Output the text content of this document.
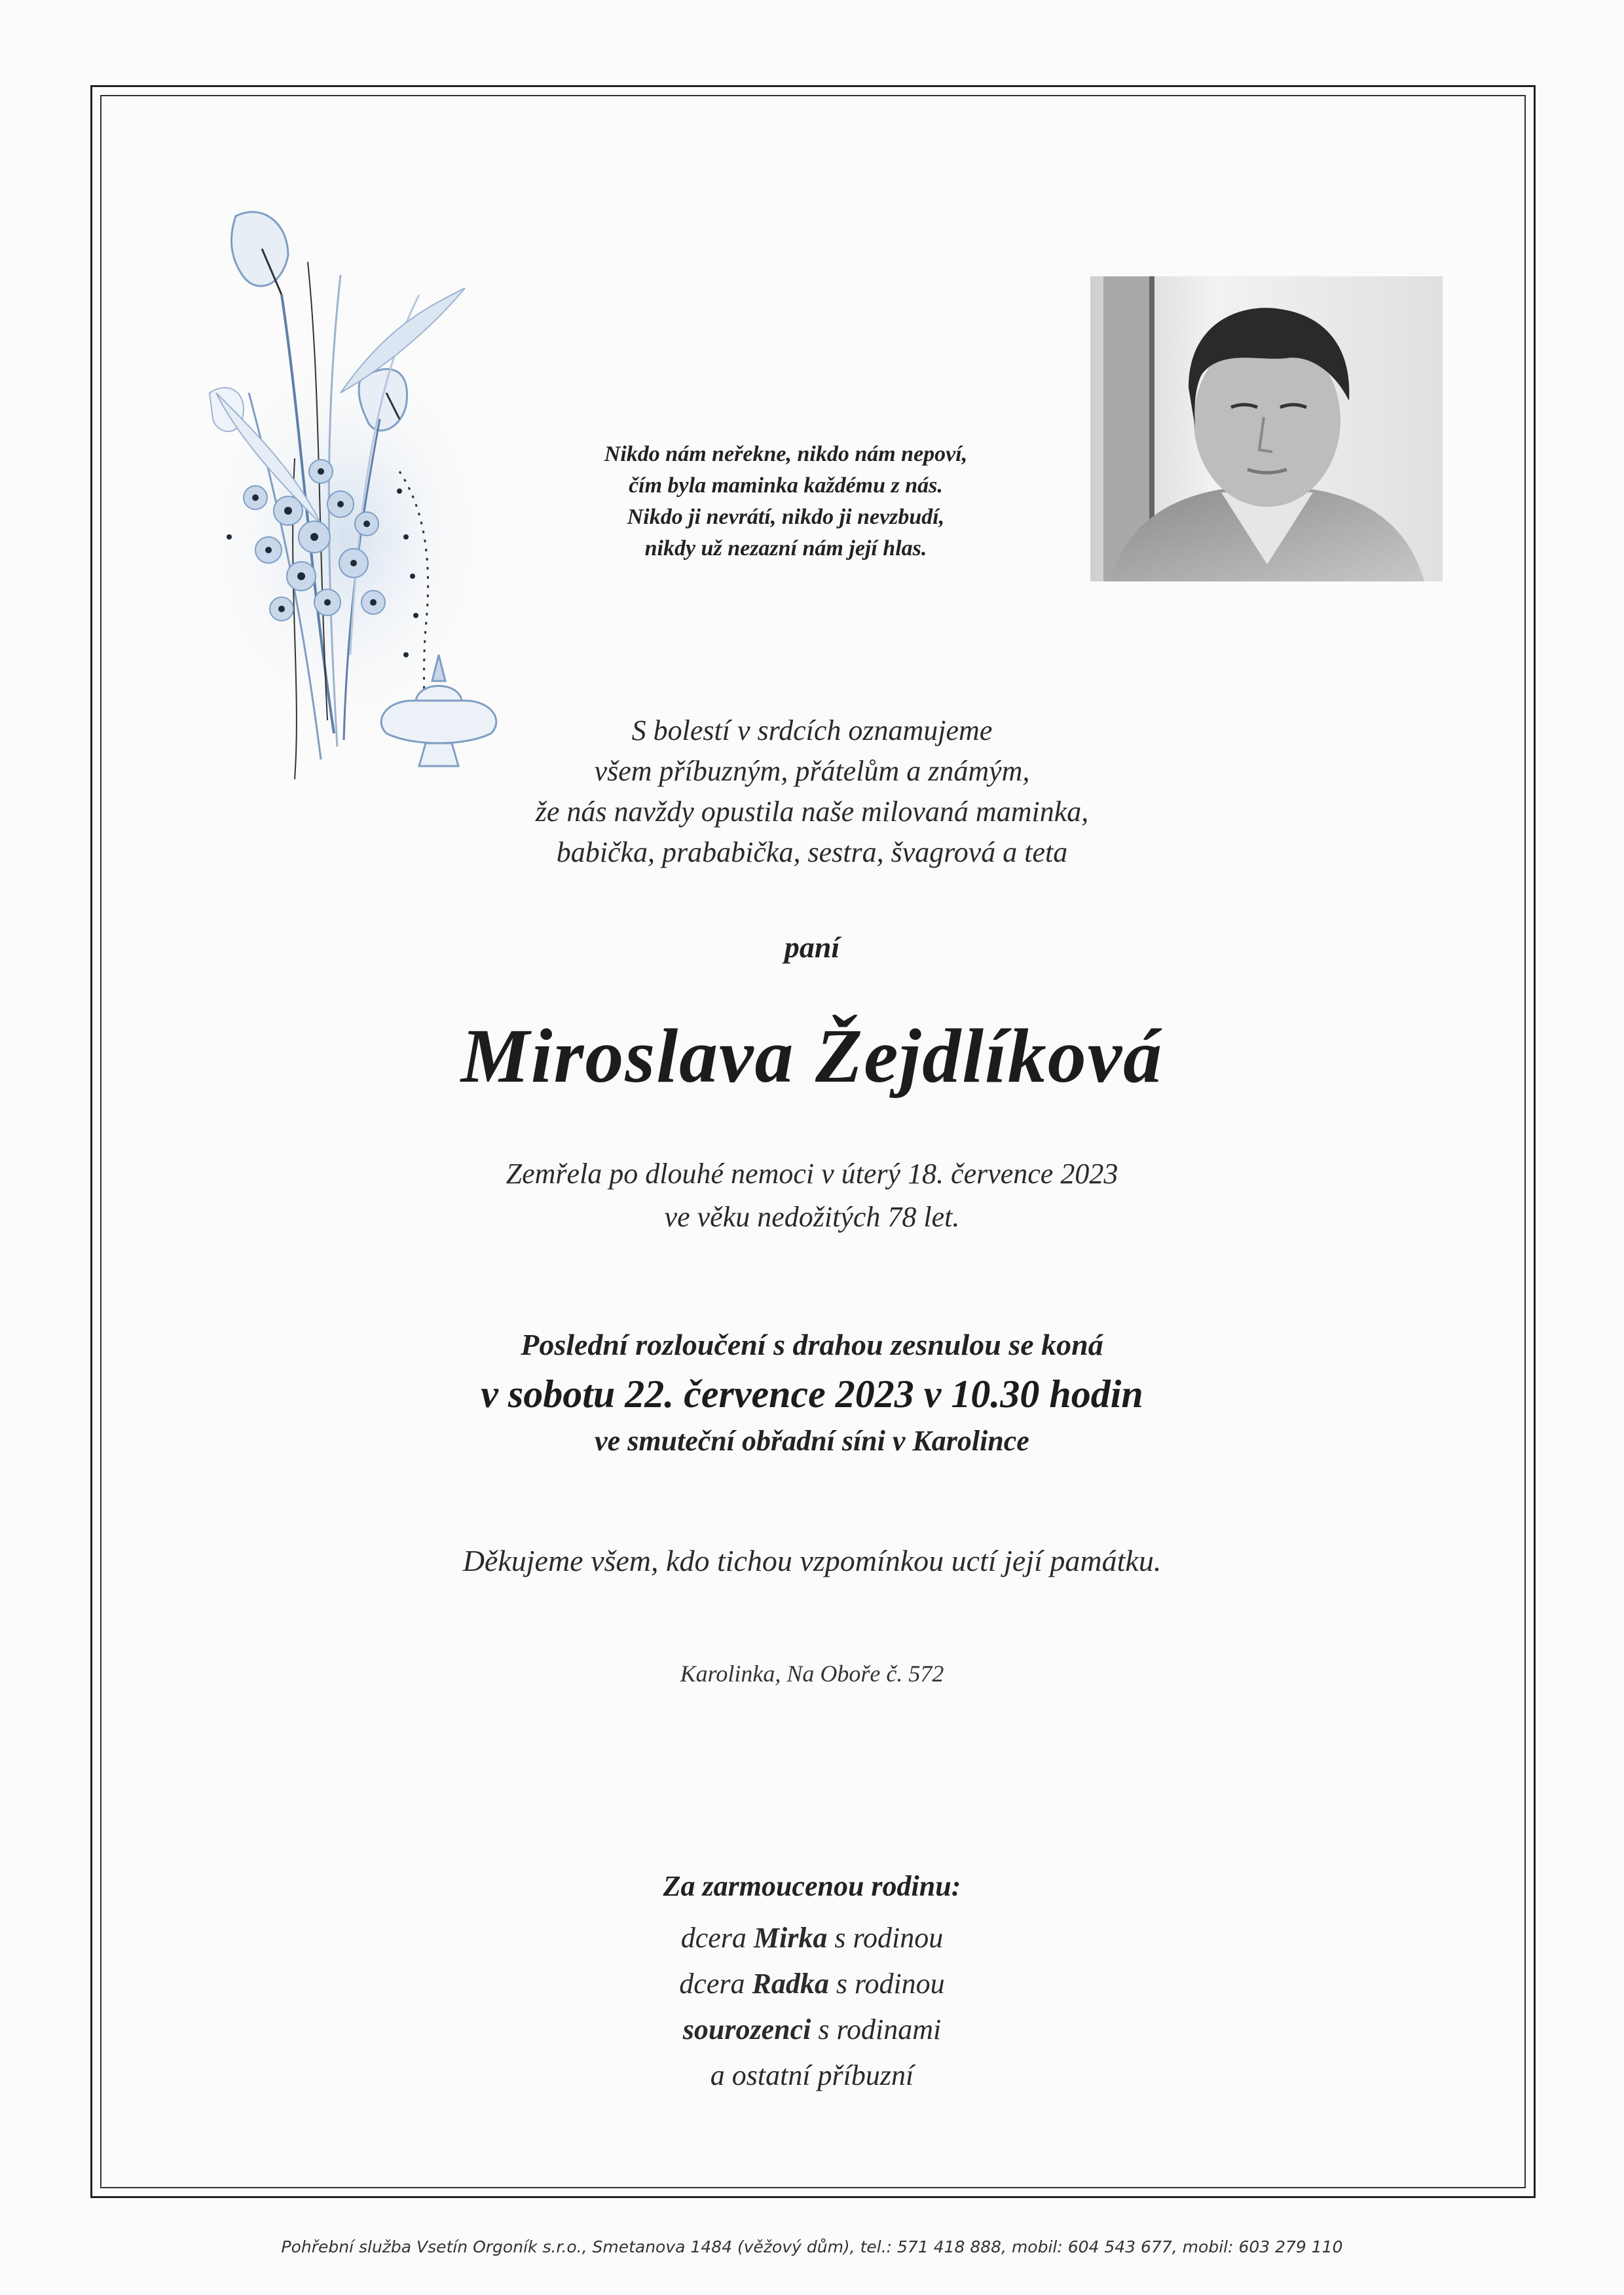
Nikdo nám neřekne, nikdo nám nepoví,
čím byla maminka každému z nás.
Nikdo ji nevrátí, nikdo ji nevzbudí,
nikdy už nezazní nám její hlas.
S bolestí v srdcích oznamujeme
všem příbuzným, přátelům a známým,
že nás navždy opustila naše milovaná maminka,
babička, prababička, sestra, švagrová a teta
paní
Miroslava Žejdlíková
Zemřela po dlouhé nemoci v úterý 18. července 2023
ve věku nedožitých 78 let.
Poslední rozloučení s drahou zesnulou se koná
v sobotu 22. července 2023 v 10.30 hodin
ve smuteční obřadní síni v Karolince
Děkujeme všem, kdo tichou vzpomínkou uctí její památku.
Karolinka, Na Oboře č. 572
Za zarmoucenou rodinu:
dcera Mirka s rodinou
dcera Radka s rodinou
sourozenci s rodinami
a ostatní příbuzní
Pohřební služba Vsetín Orgoník s.r.o., Smetanova 1484 (věžový dům), tel.: 571 418 888, mobil: 604 543 677, mobil: 603 279 110
